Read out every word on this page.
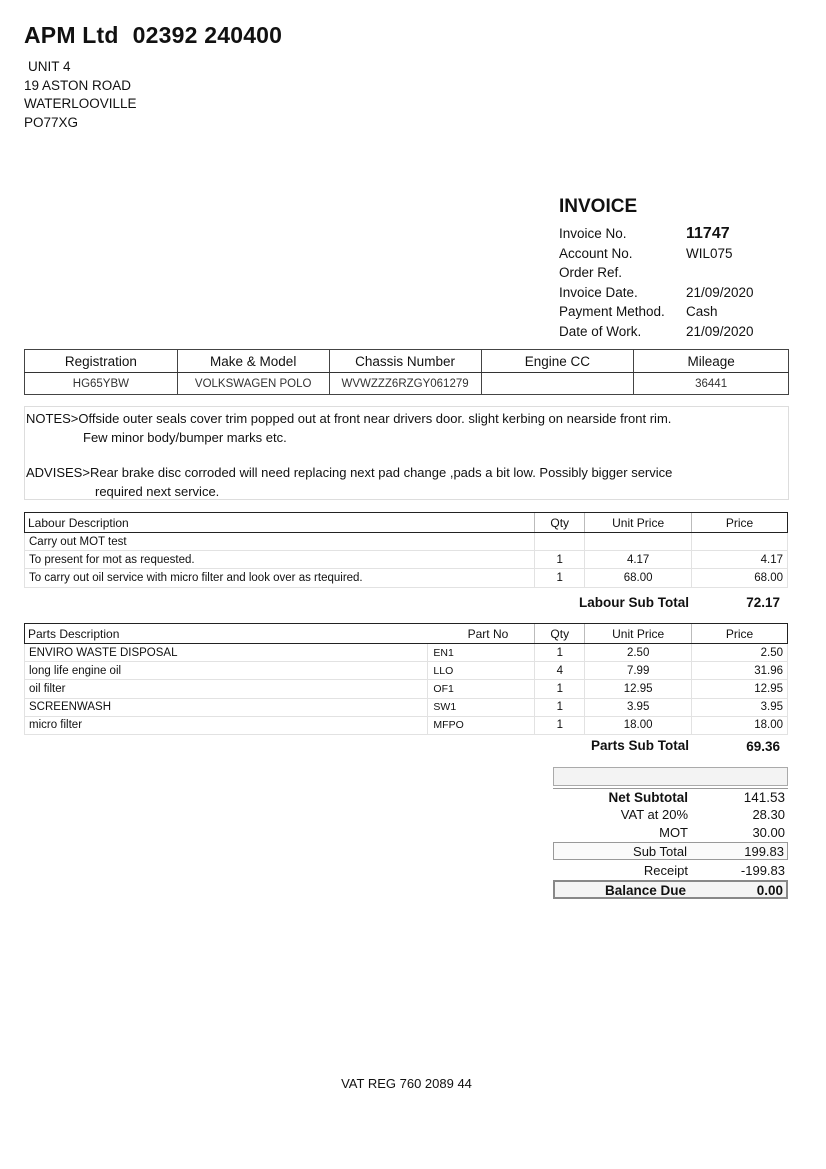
APM Ltd 02392 240400
UNIT 4
19 ASTON ROAD
WATERLOOVILLE
PO77XG
INVOICE
Invoice No.	11747
Account No.	WIL075
Order Ref.
Invoice Date.	21/09/2020
Payment Method.	Cash
Date of Work.	21/09/2020
Registration	Make & Model	Chassis Number	Engine CC	Mileage
HG65YBW	VOLKSWAGEN POLO	WVWZZZ6RZGY061279		36441
NOTES>Offside outer seals cover trim popped out at front near drivers door. slight kerbing on nearside front rim.
Few minor body/bumper marks etc.
ADVISES>Rear brake disc corroded will need replacing next pad change ,pads a bit low. Possibly bigger service
required next service.
Labour Description	Qty	Unit Price	Price
Carry out MOT test			
To present for mot as requested.	1	4.17	4.17
To carry out oil service with micro filter and look over as rtequired.	1	68.00	68.00
Labour Sub Total	72.17
Parts Description	Part No	Qty	Unit Price	Price
ENVIRO WASTE DISPOSAL	EN1	1	2.50	2.50
long life engine oil	LLO	4	7.99	31.96
oil filter	OF1	1	12.95	12.95
SCREENWASH	SW1	1	3.95	3.95
micro filter	MFPO	1	18.00	18.00
Parts Sub Total	69.36
Net Subtotal	141.53
VAT at 20%	28.30
MOT	30.00
Sub Total	199.83
Receipt	-199.83
Balance Due	0.00
VAT REG 760 2089 44
